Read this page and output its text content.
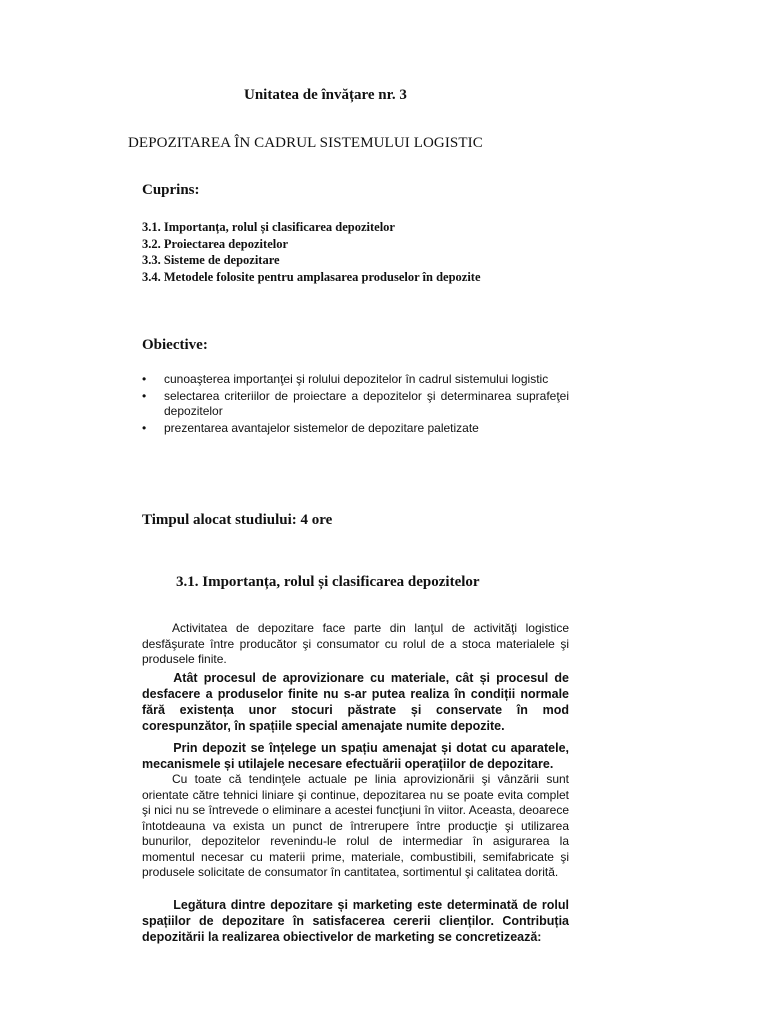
Unitatea de învățare nr. 3
DEPOZITAREA ÎN CADRUL SISTEMULUI LOGISTIC
Cuprins:
3.1. Importanța, rolul și clasificarea depozitelor
3.2. Proiectarea depozitelor
3.3. Sisteme de depozitare
3.4. Metodele folosite pentru amplasarea produselor în depozite
Obiective:
• cunoaşterea importanţei şi rolului depozitelor în cadrul sistemului logistic
• selectarea criteriilor de proiectare a depozitelor şi determinarea suprafeţei depozitelor
• prezentarea avantajelor sistemelor de depozitare paletizate
Timpul alocat studiului: 4 ore
3.1. Importanța, rolul și clasificarea depozitelor

Activitatea de depozitare face parte din lanţul de activităţi logistice desfăşurate între producător şi consumator cu rolul de a stoca materialele şi produsele finite.

Atât procesul de aprovizionare cu materiale, cât și procesul de desfacere a produselor finite nu s-ar putea realiza în condiții normale fără existența unor stocuri păstrate și conservate în mod corespunzător, în spațiile special amenajate numite depozite.

Prin depozit se înțelege un spațiu amenajat și dotat cu aparatele, mecanismele și utilajele necesare efectuării operațiilor de depozitare.

Cu toate că tendinţele actuale pe linia aprovizionării şi vânzării sunt orientate către tehnici liniare şi continue, depozitarea nu se poate evita complet şi nici nu se întrevede o eliminare a acestei funcţiuni în viitor. Aceasta, deoarece întotdeauna va exista un punct de întrerupere între producţie şi utilizarea bunurilor, depozitelor revenindu-le rolul de intermediar în asigurarea la momentul necesar cu materii prime, materiale, combustibili, semifabricate şi produsele solicitate de consumator în cantitatea, sortimentul şi calitatea dorită.

Legătura dintre depozitare și marketing este determinată de rolul spațiilor de depozitare în satisfacerea cererii clienților. Contribuția depozitării la realizarea obiectivelor de marketing se concretizează:
